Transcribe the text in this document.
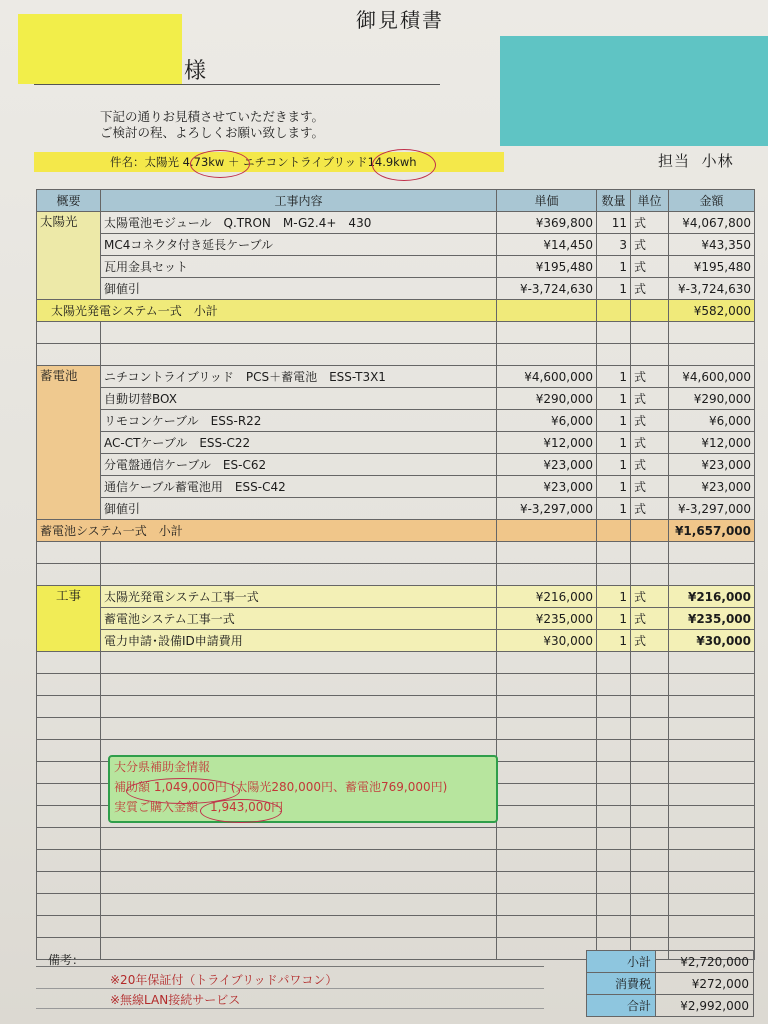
御見積書
様
下記の通りお見積させていただきます。
ご検討の程、よろしくお願い致します。
件名：太陽光 4.73kw ＋ ニチコントライブリッド14.9kwh	担当 小林
概要	工事内容	単価	数量	単位	金額
太陽光	太陽電池モジュール　Q.TRON　M-G2.4+　430	¥369,800	11	式	¥4,067,800
	MC4コネクタ付き延長ケーブル	¥14,450	3	式	¥43,350
	瓦用金具セット	¥195,480	1	式	¥195,480
	御値引	¥-3,724,630	1	式	¥-3,724,630
太陽光発電システム一式　小計					¥582,000

蓄電池	ニチコントライブリッド　PCS＋蓄電池　ESS-T3X1	¥4,600,000	1	式	¥4,600,000
	自動切替BOX	¥290,000	1	式	¥290,000
	リモコンケーブル　ESS-R22	¥6,000	1	式	¥6,000
	AC-CTケーブル　ESS-C22	¥12,000	1	式	¥12,000
	分電盤通信ケーブル　ES-C62	¥23,000	1	式	¥23,000
	通信ケーブル蓄電池用　ESS-C42	¥23,000	1	式	¥23,000
	御値引	¥-3,297,000	1	式	¥-3,297,000
蓄電池システム一式　小計					¥1,657,000

工事	太陽光発電システム工事一式	¥216,000	1	式	¥216,000
	蓄電池システム工事一式	¥235,000	1	式	¥235,000
	電力申請･設備ID申請費用	¥30,000	1	式	¥30,000

大分県補助金情報
補助額 1,049,000円 (太陽光280,000円、蓄電池769,000円)
実質ご購入金額　1,943,000円
備考：
※20年保証付（トライブリッドパワコン）
※無線LAN接続サービス
小計	¥2,720,000
消費税	¥272,000
合計	¥2,992,000
